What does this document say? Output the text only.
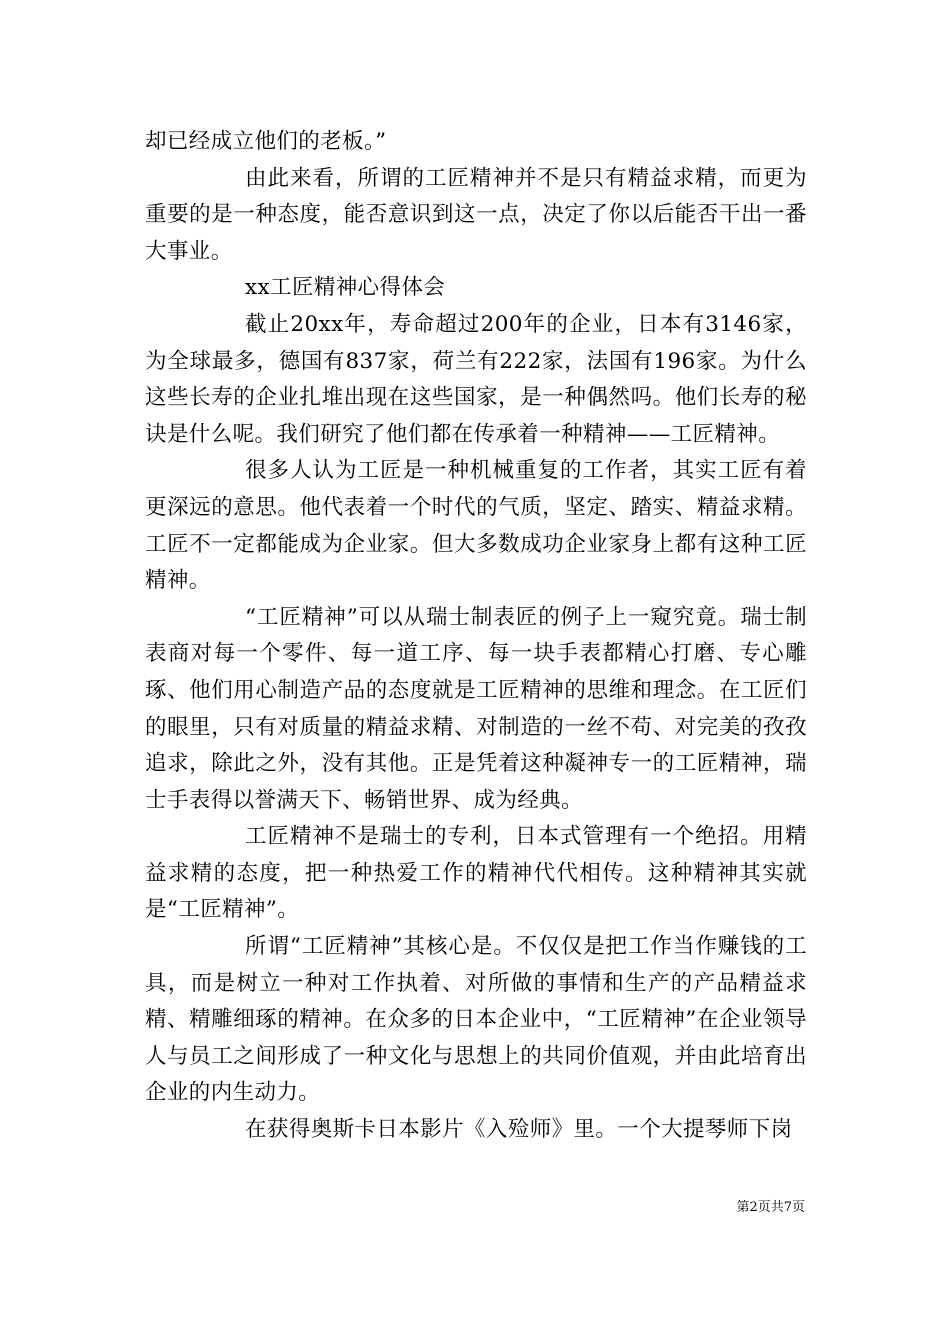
却已经成立他们的老板。”

由此来看，所谓的工匠精神并不是只有精益求精，而更为重要的是一种态度，能否意识到这一点，决定了你以后能否干出一番大事业。

xx工匠精神心得体会

截止20xx年，寿命超过200年的企业，日本有3146家，为全球最多，德国有837家，荷兰有222家，法国有196家。为什么这些长寿的企业扎堆出现在这些国家，是一种偶然吗。他们长寿的秘诀是什么呢。我们研究了他们都在传承着一种精神——工匠精神。

很多人认为工匠是一种机械重复的工作者，其实工匠有着更深远的意思。他代表着一个时代的气质，坚定、踏实、精益求精。工匠不一定都能成为企业家。但大多数成功企业家身上都有这种工匠精神。

“工匠精神”可以从瑞士制表匠的例子上一窥究竟。瑞士制表商对每一个零件、每一道工序、每一块手表都精心打磨、专心雕琢、他们用心制造产品的态度就是工匠精神的思维和理念。在工匠们的眼里，只有对质量的精益求精、对制造的一丝不苟、对完美的孜孜追求，除此之外，没有其他。正是凭着这种凝神专一的工匠精神，瑞士手表得以誉满天下、畅销世界、成为经典。

工匠精神不是瑞士的专利，日本式管理有一个绝招。用精益求精的态度，把一种热爱工作的精神代代相传。这种精神其实就是“工匠精神”。

所谓“工匠精神”其核心是。不仅仅是把工作当作赚钱的工具，而是树立一种对工作执着、对所做的事情和生产的产品精益求精、精雕细琢的精神。在众多的日本企业中，“工匠精神”在企业领导人与员工之间形成了一种文化与思想上的共同价值观，并由此培育出企业的内生动力。

在获得奥斯卡日本影片《入殓师》里。一个大提琴师下岗

第2页共7页
